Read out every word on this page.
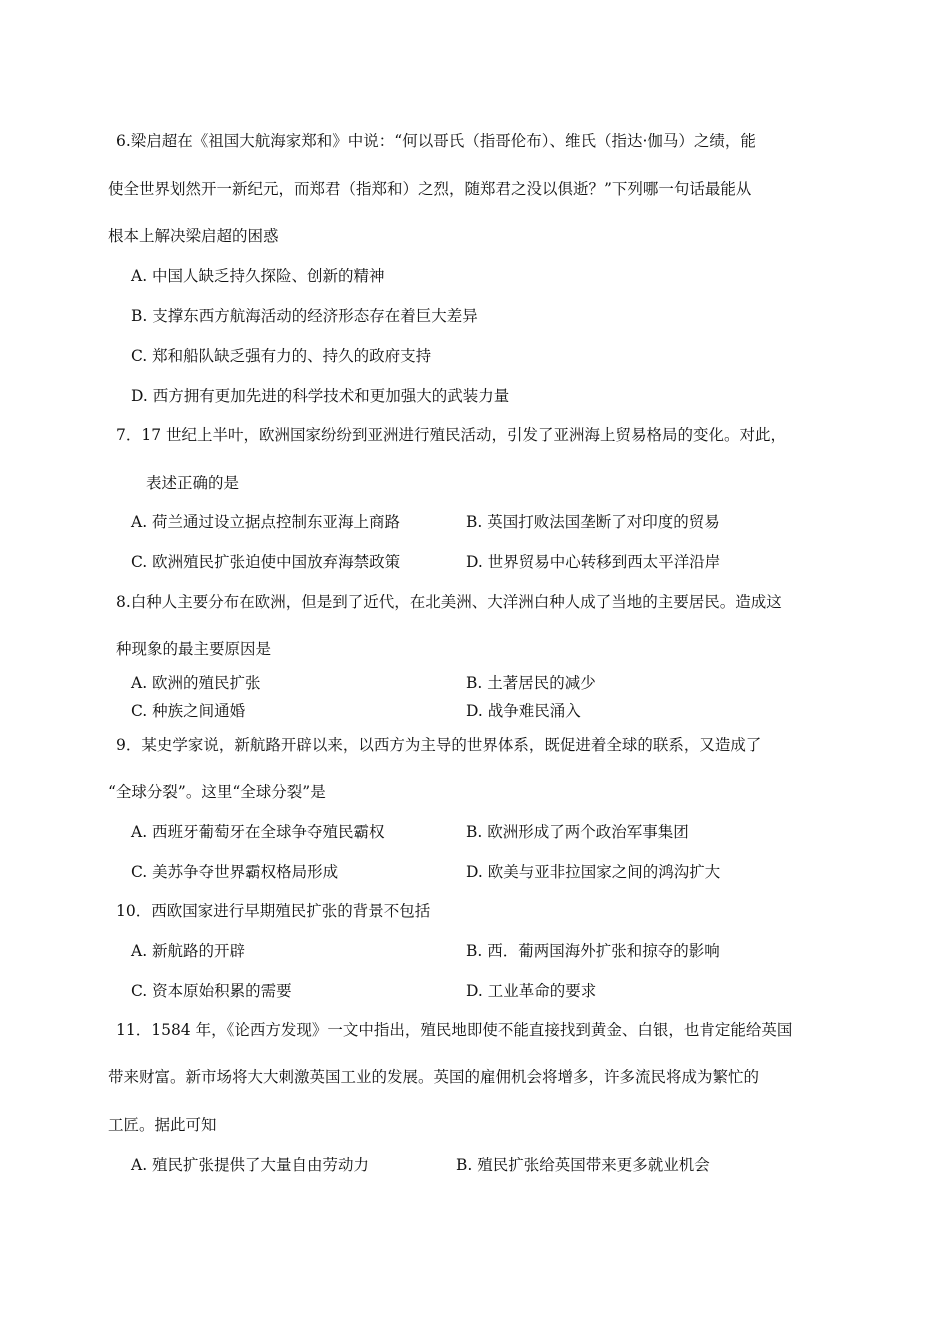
6.梁启超在《祖国大航海家郑和》中说：“何以哥氏（指哥伦布）、维氏（指达·伽马）之绩，能
使全世界划然开一新纪元，而郑君（指郑和）之烈，随郑君之没以俱逝？”下列哪一句话最能从
根本上解决梁启超的困惑
A. 中国人缺乏持久探险、创新的精神
B. 支撑东西方航海活动的经济形态存在着巨大差异
C. 郑和船队缺乏强有力的、持久的政府支持
D. 西方拥有更加先进的科学技术和更加强大的武装力量
7．17 世纪上半叶，欧洲国家纷纷到亚洲进行殖民活动，引发了亚洲海上贸易格局的变化。对此，
表述正确的是
A. 荷兰通过设立据点控制东亚海上商路	B. 英国打败法国垄断了对印度的贸易
C. 欧洲殖民扩张迫使中国放弃海禁政策	D. 世界贸易中心转移到西太平洋沿岸
8.白种人主要分布在欧洲，但是到了近代，在北美洲、大洋洲白种人成了当地的主要居民。造成这
种现象的最主要原因是
A. 欧洲的殖民扩张	B. 土著居民的减少
C. 种族之间通婚	D. 战争难民涌入
9．某史学家说，新航路开辟以来，以西方为主导的世界体系，既促进着全球的联系，又造成了
“全球分裂”。这里“全球分裂”是
A. 西班牙葡萄牙在全球争夺殖民霸权	B. 欧洲形成了两个政治军事集团
C. 美苏争夺世界霸权格局形成	D. 欧美与亚非拉国家之间的鸿沟扩大
10．西欧国家进行早期殖民扩张的背景不包括
A. 新航路的开辟	B. 西．葡两国海外扩张和掠夺的影响
C. 资本原始积累的需要	D. 工业革命的要求
11．1584 年，《论西方发现》一文中指出，殖民地即使不能直接找到黄金、白银，也肯定能给英国
带来财富。新市场将大大刺激英国工业的发展。英国的雇佣机会将增多，许多流民将成为繁忙的
工匠。据此可知
A. 殖民扩张提供了大量自由劳动力	B. 殖民扩张给英国带来更多就业机会
